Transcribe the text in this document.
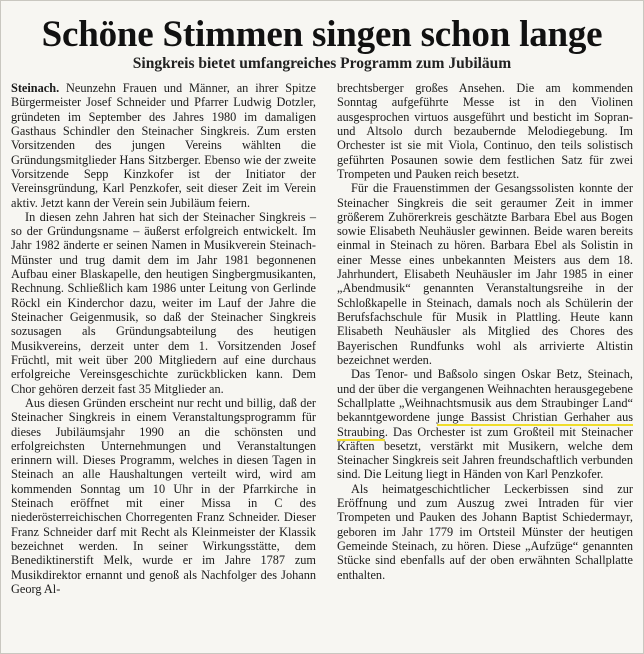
Schöne Stimmen singen schon lange
Singkreis bietet umfangreiches Programm zum Jubiläum

Steinach. Neunzehn Frauen und Männer, an ihrer Spitze Bürgermeister Josef Schneider und Pfarrer Ludwig Dotzler, gründeten im September des Jahres 1980 im damaligen Gasthaus Schindler den Steinacher Singkreis. Zum ersten Vorsitzenden des jungen Vereins wählten die Gründungsmitglieder Hans Sitzberger. Ebenso wie der zweite Vorsitzende Sepp Kinzkofer ist der Initiator der Vereinsgründung, Karl Penzkofer, seit dieser Zeit im Verein aktiv. Jetzt kann der Verein sein Jubiläum feiern.

In diesen zehn Jahren hat sich der Steinacher Singkreis – so der Gründungsname – äußerst erfolgreich entwickelt. Im Jahr 1982 änderte er seinen Namen in Musikverein Steinach-Münster und trug damit dem im Jahr 1981 begonnenen Aufbau einer Blaskapelle, den heutigen Singbergmusikanten, Rechnung. Schließlich kam 1986 unter Leitung von Gerlinde Röckl ein Kinderchor dazu, weiter im Lauf der Jahre die Steinacher Geigenmusik, so daß der Steinacher Singkreis sozusagen als Gründungsabteilung des heutigen Musikvereins, derzeit unter dem 1. Vorsitzenden Josef Früchtl, mit weit über 200 Mitgliedern auf eine durchaus erfolgreiche Vereinsgeschichte zurückblicken kann. Dem Chor gehören derzeit fast 35 Mitglieder an.

Aus diesen Gründen erscheint nur recht und billig, daß der Steinacher Singkreis in einem Veranstaltungsprogramm für dieses Jubiläumsjahr 1990 an die schönsten und erfolgreichsten Unternehmungen und Veranstaltungen erinnern will. Dieses Programm, welches in diesen Tagen in Steinach an alle Haushaltungen verteilt wird, wird am kommenden Sonntag um 10 Uhr in der Pfarrkirche in Steinach eröffnet mit einer Missa in C des niederösterreichischen Chorregenten Franz Schneider. Dieser Franz Schneider darf mit Recht als Kleinmeister der Klassik bezeichnet werden. In seiner Wirkungsstätte, dem Benediktinerstift Melk, wurde er im Jahre 1787 zum Musikdirektor ernannt und genoß als Nachfolger des Johann Georg Al-

brechtsberger großes Ansehen. Die am kommenden Sonntag aufgeführte Messe ist in den Violinen ausgesprochen virtuos ausgeführt und besticht im Sopran- und Altsolo durch bezaubernde Melodiegebung. Im Orchester ist sie mit Viola, Continuo, den teils solistisch geführten Posaunen sowie dem festlichen Satz für zwei Trompeten und Pauken reich besetzt.

Für die Frauenstimmen der Gesangssolisten konnte der Steinacher Singkreis die seit geraumer Zeit in immer größerem Zuhörerkreis geschätzte Barbara Ebel aus Bogen sowie Elisabeth Neuhäusler gewinnen. Beide waren bereits einmal in Steinach zu hören. Barbara Ebel als Solistin in einer Messe eines unbekannten Meisters aus dem 18. Jahrhundert, Elisabeth Neuhäusler im Jahr 1985 in einer „Abendmusik“ genannten Veranstaltungsreihe in der Schloßkapelle in Steinach, damals noch als Schülerin der Berufsfachschule für Musik in Plattling. Heute kann Elisabeth Neuhäusler als Mitglied des Chores des Bayerischen Rundfunks wohl als arrivierte Altistin bezeichnet werden.

Das Tenor- und Baßsolo singen Oskar Betz, Steinach, und der über die vergangenen Weihnachten herausgegebene Schallplatte „Weihnachtsmusik aus dem Straubinger Land“ bekanntgewordene junge Bassist Christian Gerhaher aus Straubing. Das Orchester ist zum Großteil mit Steinacher Kräften besetzt, verstärkt mit Musikern, welche dem Steinacher Singkreis seit Jahren freundschaftlich verbunden sind. Die Leitung liegt in Händen von Karl Penzkofer.

Als heimatgeschichtlicher Leckerbissen sind zur Eröffnung und zum Auszug zwei Intraden für vier Trompeten und Pauken des Johann Baptist Schiedermayr, geboren im Jahr 1779 im Ortsteil Münster der heutigen Gemeinde Steinach, zu hören. Diese „Aufzüge“ genannten Stücke sind ebenfalls auf der oben erwähnten Schallplatte enthalten.
